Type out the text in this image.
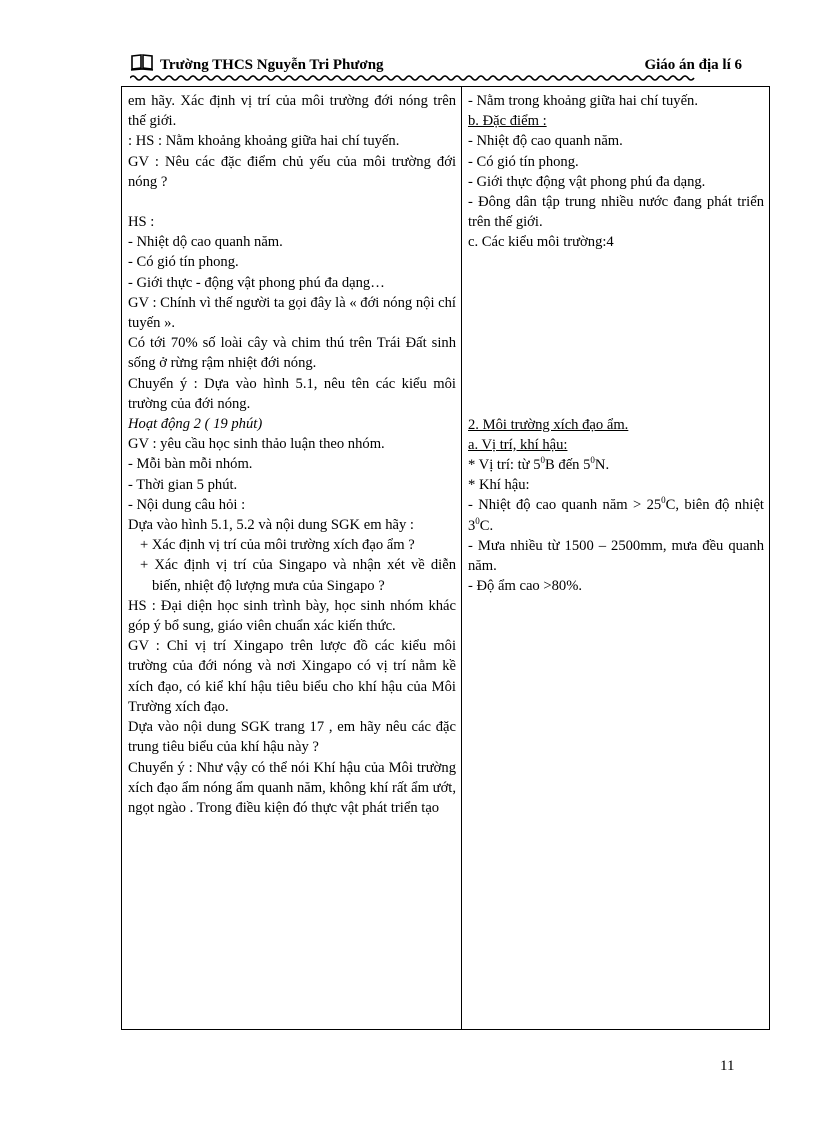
Trường THCS Nguyễn Tri Phương	Giáo án địa lí 6

em hãy. Xác định vị trí của môi trường đới nóng trên thế giới.

: HS : Nằm khoảng khoảng giữa hai chí tuyến.

GV : Nêu các đặc điểm chủ yếu của môi trường đới nóng ?

HS :

- Nhiệt dộ cao quanh năm.

- Có gió tín phong.

- Giới thực - động vật phong phú đa dạng…

GV : Chính vì thế người ta gọi đây là « đới nóng nội chí tuyến ».

Có tới 70% số loài cây và chim thú trên Trái Đất sinh sống ở rừng rậm nhiệt đới nóng.

Chuyển ý : Dựa vào hình 5.1, nêu tên các kiểu môi trường của đới nóng.

Hoạt động 2 ( 19 phút)

GV : yêu cầu học sinh thảo luận theo nhóm.

- Mỗi bàn mỗi nhóm.

- Thời gian 5 phút.

- Nội dung câu hỏi :

Dựa vào hình 5.1, 5.2 và nội dung SGK em hãy :

+ Xác định vị trí của môi trường xích đạo ẩm ?

+ Xác định vị trí của Singapo và nhận xét về diễn biến, nhiệt độ lượng mưa của Singapo ?

HS : Đại diện học sinh trình bày, học sinh nhóm khác góp ý bổ sung, giáo viên chuẩn xác kiến thức.

GV : Chỉ vị trí Xingapo trên lược đồ các kiểu môi trường của đới nóng và nơi Xingapo có vị trí nằm kề xích đạo, có kiể khí hậu tiêu biểu cho khí hậu của Môi Trường xích đạo.

Dựa vào nội dung SGK trang 17 , em hãy nêu các đặc trung tiêu biểu của khí hậu này ?

Chuyển ý : Như vậy có thể nói Khí hậu của Môi trường xích đạo ẩm nóng ẩm quanh năm, không khí rất ẩm ướt, ngọt ngào . Trong điều kiện đó thực vật phát triển tạo

- Nằm trong khoảng giữa hai chí tuyến.

b. Đặc điểm :

- Nhiệt độ cao quanh năm.

- Có gió tín phong.

- Giới thực động vật phong phú đa dạng.

- Đông dân tập trung nhiều nước đang phát triển trên thế giới.

c. Các kiểu môi trường:4

2. Môi trường xích đạo ẩm.

a. Vị trí, khí hậu:

* Vị trí: từ $5^0B$ đến $5^0N$.

* Khí hậu:

- Nhiệt độ cao quanh năm > $25^0C$, biên độ nhiệt $3^0C$.

- Mưa nhiều từ 1500 – 2500mm, mưa đều quanh năm.

- Độ ẩm cao >80%.

11
